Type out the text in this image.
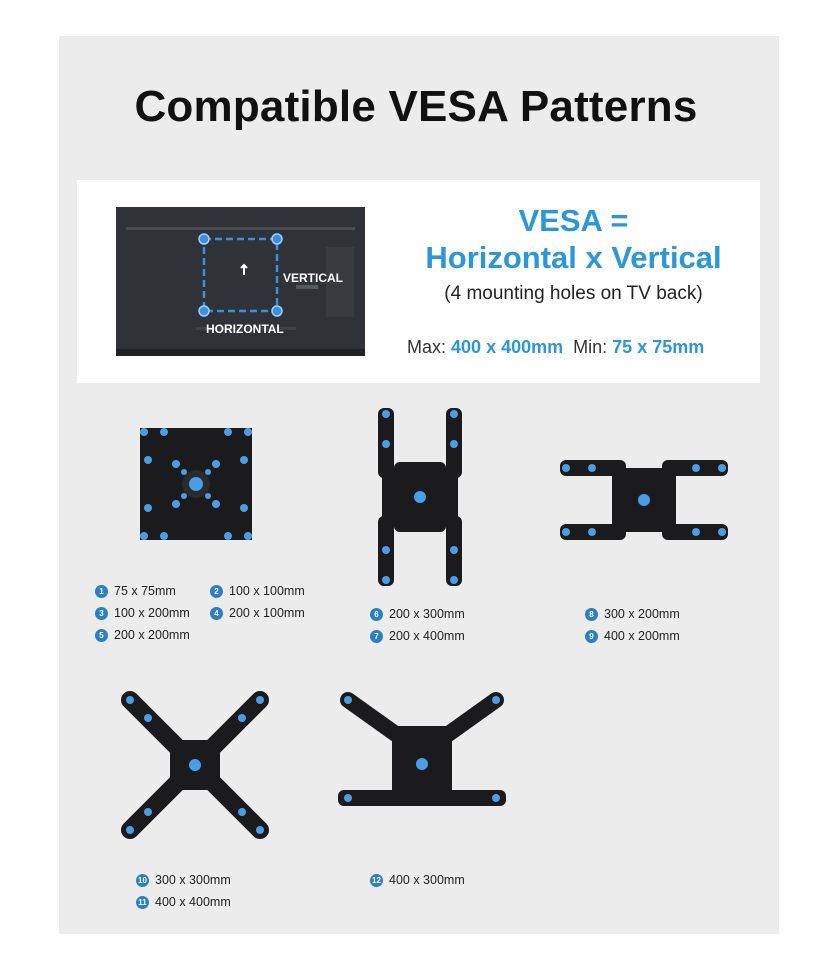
Compatible VESA Patterns
VERTICAL
HORIZONTAL
VESA =
Horizontal x Vertical
(4 mounting holes on TV back)
Max: 400 x 400mm Min: 75 x 75mm
1 75 x 75mm	2 100 x 100mm
3 100 x 200mm	4 200 x 100mm
5 200 x 200mm
6 200 x 300mm
7 200 x 400mm
8 300 x 200mm
9 400 x 200mm
10 300 x 300mm
11 400 x 400mm
12 400 x 300mm
